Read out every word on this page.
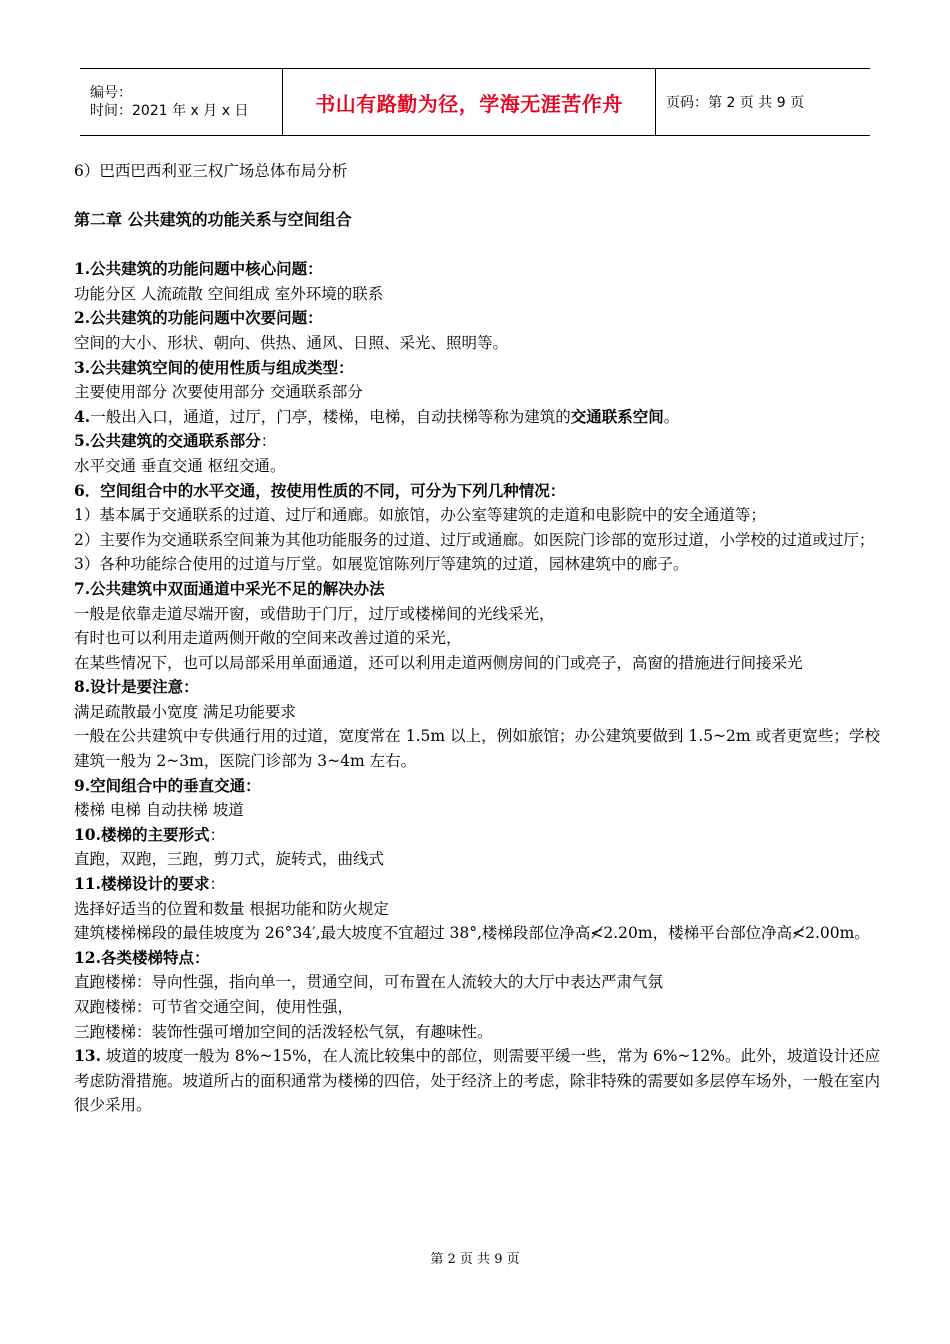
编号：
时间：2021 年 x 月 x 日	书山有路勤为径，学海无涯苦作舟	页码：第 2 页 共 9 页

6）巴西巴西利亚三权广场总体布局分析

第二章 公共建筑的功能关系与空间组合

1.公共建筑的功能问题中核心问题：

功能分区 人流疏散 空间组成 室外环境的联系

2.公共建筑的功能问题中次要问题：

空间的大小、形状、朝向、供热、通风、日照、采光、照明等。

3.公共建筑空间的使用性质与组成类型：

主要使用部分 次要使用部分 交通联系部分

4.一般出入口，通道，过厅，门亭，楼梯，电梯，自动扶梯等称为建筑的交通联系空间。

5.公共建筑的交通联系部分：

水平交通 垂直交通 枢纽交通。

6．空间组合中的水平交通，按使用性质的不同，可分为下列几种情况：

1）基本属于交通联系的过道、过厅和通廊。如旅馆，办公室等建筑的走道和电影院中的安全通道等；

2）主要作为交通联系空间兼为其他功能服务的过道、过厅或通廊。如医院门诊部的宽形过道，小学校的过道或过厅；

3）各种功能综合使用的过道与厅堂。如展览馆陈列厅等建筑的过道，园林建筑中的廊子。

7.公共建筑中双面通道中采光不足的解决办法

一般是依靠走道尽端开窗，或借助于门厅，过厅或楼梯间的光线采光，

有时也可以利用走道两侧开敞的空间来改善过道的采光，

在某些情况下，也可以局部采用单面通道，还可以利用走道两侧房间的门或亮子，高窗的措施进行间接采光

8.设计是要注意：

满足疏散最小宽度 满足功能要求

一般在公共建筑中专供通行用的过道，宽度常在 1.5m 以上，例如旅馆；办公建筑要做到 1.5~2m 或者更宽些；学校建筑一般为 2~3m，医院门诊部为 3~4m 左右。

9.空间组合中的垂直交通：

楼梯 电梯 自动扶梯 坡道

10.楼梯的主要形式：

直跑，双跑，三跑，剪刀式，旋转式，曲线式

11.楼梯设计的要求：

选择好适当的位置和数量 根据功能和防火规定

建筑楼梯梯段的最佳坡度为 26°34′,最大坡度不宜超过 38°,楼梯段部位净高≮2.20m，楼梯平台部位净高≮2.00m。

12.各类楼梯特点：

直跑楼梯：导向性强，指向单一，贯通空间，可布置在人流较大的大厅中表达严肃气氛

双跑楼梯：可节省交通空间，使用性强，

三跑楼梯：装饰性强可增加空间的活泼轻松气氛，有趣味性。

13. 坡道的坡度一般为 8%~15%，在人流比较集中的部位，则需要平缓一些，常为 6%~12%。此外，坡道设计还应考虑防滑措施。坡道所占的面积通常为楼梯的四倍，处于经济上的考虑，除非特殊的需要如多层停车场外，一般在室内很少采用。

第 2 页 共 9 页
